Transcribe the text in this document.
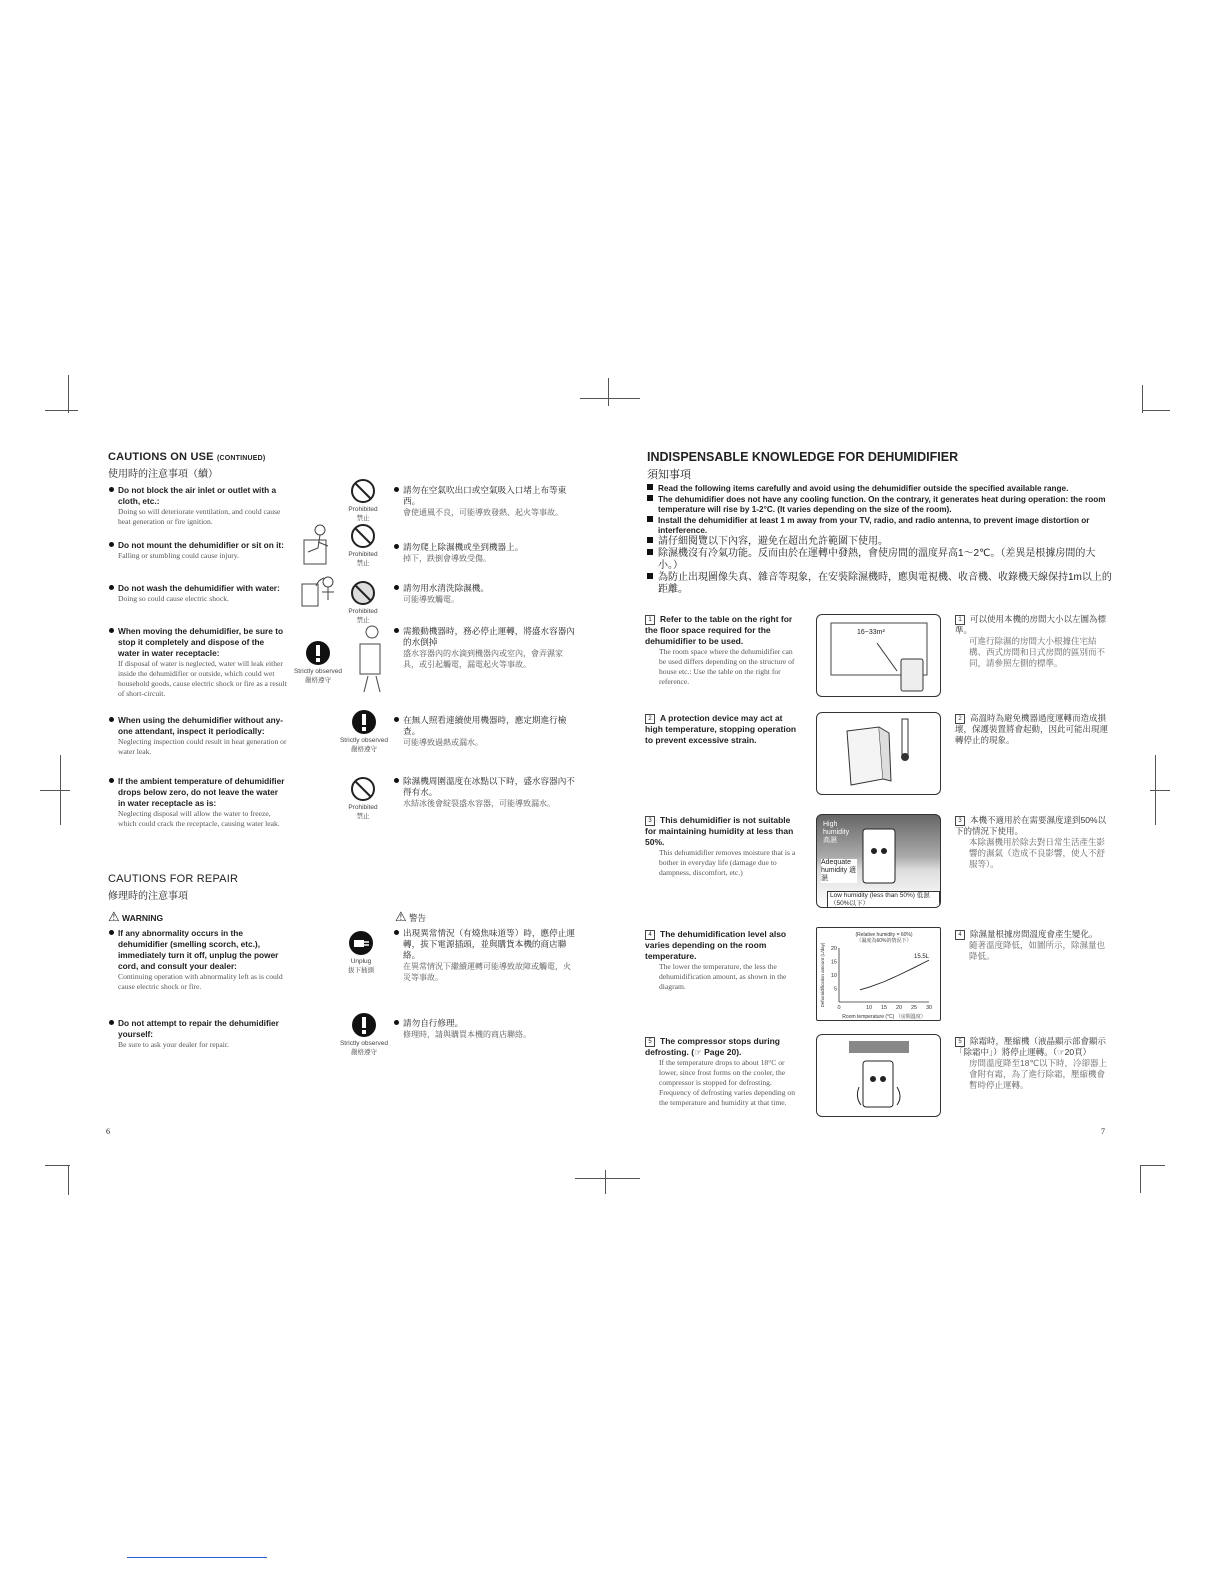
CAUTIONS ON USE (CONTINUED)
使用時的注意事項（續）
Do not block the air inlet or outlet with a cloth, etc.:
Doing so will deteriorate ventilation, and could cause heat generation or fire ignition.
Prohibited
禁止
請勿在空氣吹出口或空氣吸入口堵上布等東西。
會使通風不良，可能導致發熱、起火等事故。
Do not mount the dehumidifier or sit on it:
Falling or stumbling could cause injury.	Prohibited
禁止
請勿爬上除濕機或坐到機器上。
掉下，跌倒會導致受傷。
Do not wash the dehumidifier with water:
Doing so could cause electric shock.
Prohibited
禁止
請勿用水清洗除濕機。
可能導致觸電。
When moving the dehumidifier, be sure to stop it completely and dispose of the water in water receptacle:
If disposal of water is neglected, water will leak either inside the dehumidifier or outside, which could wet household goods, cause electric shock or fire as a result of short-circuit.
Strictly observed
嚴格遵守
需搬動機器時，務必停止運轉，將盛水容器內的水倒掉
盛水容器內的水滴到機器內或室內，會弄濕家具，或引起觸電，漏電起火等事故。
When using the dehumidifier without any-one attendant, inspect it periodically:
Neglecting inspection could result in heat generation or water leak.
Strictly observed
嚴格遵守
在無人照看連續使用機器時，應定期進行檢查。
可能導致過熱或漏水。
If the ambient temperature of dehumidifier drops below zero, do not leave the water in water receptacle as is:
Neglecting disposal will allow the water to freeze, which could crack the receptacle, causing water leak.
Prohibited
禁止
除濕機周圍溫度在冰點以下時，盛水容器內不得有水。
水結冰後會綻裂盛水容器，可能導致漏水。
CAUTIONS FOR REPAIR
修理時的注意事項
⚠ WARNING	⚠ 警告
If any abnormality occurs in the dehumidifier (smelling scorch, etc.), immediately turn it off, unplug the power cord, and consult your dealer:
Continuing operation with abnormality left as is could cause electric shock or fire.
Unplug
拔下插頭
出現異常情況（有燒焦味道等）時，應停止運轉，拔下電源插頭，並與購貨本機的商店聯絡。
在異常情況下繼續運轉可能導致故障或觸電，火災等事故。
Do not attempt to repair the dehumidifier yourself:
Be sure to ask your dealer for repair.	Strictly observed
嚴格遵守
請勿自行修理。
修理時，請與購買本機的商店聯絡。
6
INDISPENSABLE KNOWLEDGE FOR DEHUMIDIFIER
須知事項
Read the following items carefully and avoid using the dehumidifier outside the specified available range.
The dehumidifier does not have any cooling function. On the contrary, it generates heat during operation: the room temperature will rise by 1-2°C. (It varies depending on the size of the room).
Install the dehumidifier at least 1 m away from your TV, radio, and radio antenna, to prevent image distortion or interference.
請仔細閱覽以下內容，避免在超出允許範圍下使用。
除濕機沒有冷氣功能。反而由於在運轉中發熱，會使房間的溫度昇高1～2℃。（差異是根據房間的大小。）
為防止出現圖像失真、雜音等現象，在安裝除濕機時，應與電視機、收音機、收錄機天線保持1m以上的距離。
1 Refer to the table on the right for the floor space required for the dehumidifier to be used.
The room space where the dehumidifier can be used differs depending on the structure of house etc.: Use the table on the right for reference.
16~33m²
1 可以使用本機的房間大小以左圖為標準。
可進行除濕的房間大小根據住宅結構、西式房間和日式房間的區別而不同，請參照左側的標準。
2 A protection device may act at high temperature, stopping operation to prevent excessive strain.
2 高溫時為避免機器過度運轉而造成損壞，保護裝置將會起動，因此可能出現運轉停止的現象。
3 This dehumidifier is not suitable for maintaining humidity at less than 50%.
This dehumidifier removes moisture that is a bother in everyday life (damage due to dampness, discomfort, etc.)
High humidity 高濕
Adequate humidity 適濕
Low humidity (less than 50%) 低濕（50%以下）
3 本機不適用於在需要濕度達到50%以下的情況下使用。
本除濕機用於除去對日常生活產生影響的濕氣（造成不良影響，使人不舒服等）。
4 The dehumidification level also varies depending on the room temperature.
The lower the temperature, the less the dehumidification amount, as shown in the diagram.
0	10 15 20 25 30
5
10
15
20
(Relative humidity = 60%)
（濕度為60%的情況下）
15.5L
Room temperature (°C) （房間溫度）
Dehumidification amount (L/day)
4 除濕量根據房間溫度會產生變化。
隨著溫度降低，如圖所示，除濕量也降低。
5 The compressor stops during defrosting. (☞ Page 20).
If the temperature drops to about 18°C or lower, since frost forms on the cooler, the compressor is stopped for defrosting. Frequency of defrosting varies depending on the temperature and humidity at that time.
5 除霜時，壓縮機（液晶顯示部會顯示「除霜中」）將停止運轉。（☞20頁）
房間溫度降至18℃以下時，冷卻器上會附有霜，為了進行除霜，壓縮機會暫時停止運轉。
7
